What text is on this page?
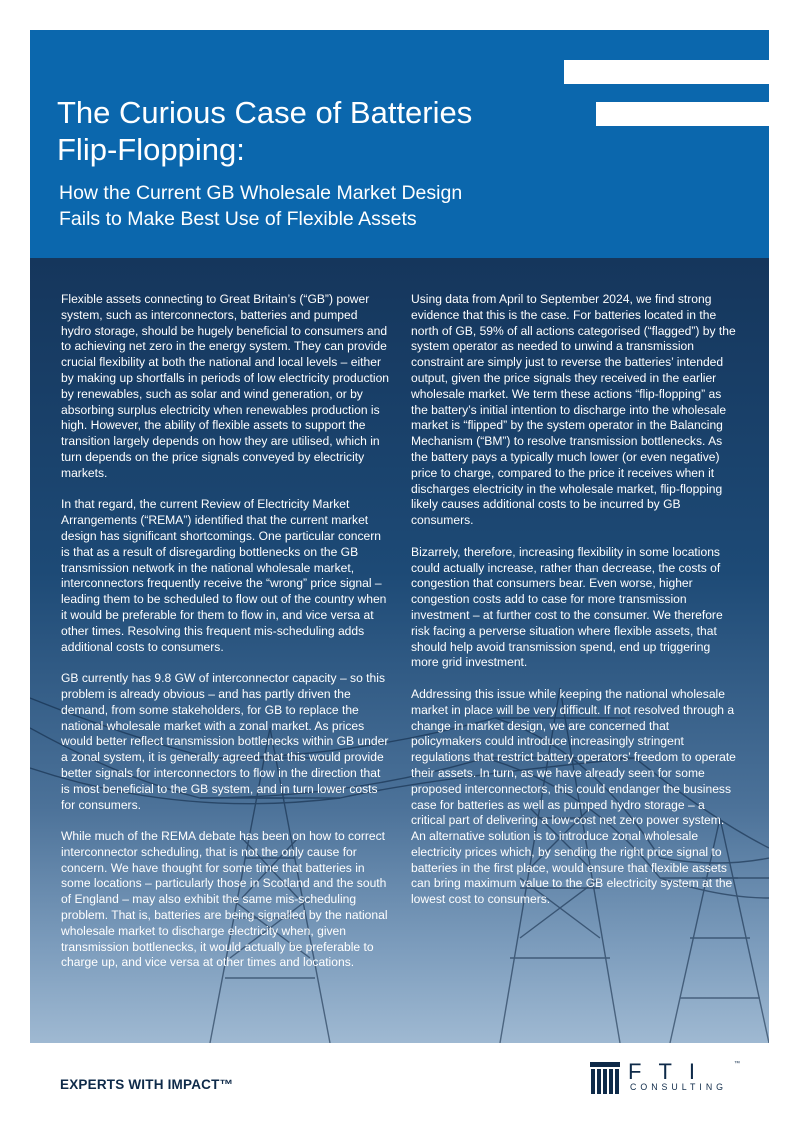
The Curious Case of Batteries
Flip-Flopping:
How the Current GB Wholesale Market Design
Fails to Make Best Use of Flexible Assets

Flexible assets connecting to Great Britain’s (“GB”) power system, such as interconnectors, batteries and pumped hydro storage, should be hugely beneficial to consumers and to achieving net zero in the energy system. They can provide crucial flexibility at both the national and local levels – either by making up shortfalls in periods of low electricity production by renewables, such as solar and wind generation, or by absorbing surplus electricity when renewables production is high. However, the ability of flexible assets to support the transition largely depends on how they are utilised, which in turn depends on the price signals conveyed by electricity markets.

In that regard, the current Review of Electricity Market Arrangements (“REMA”) identified that the current market design has significant shortcomings. One particular concern is that as a result of disregarding bottlenecks on the GB transmission network in the national wholesale market, interconnectors frequently receive the “wrong” price signal – leading them to be scheduled to flow out of the country when it would be preferable for them to flow in, and vice versa at other times. Resolving this frequent mis-scheduling adds additional costs to consumers.

GB currently has 9.8 GW of interconnector capacity – so this problem is already obvious – and has partly driven the demand, from some stakeholders, for GB to replace the national wholesale market with a zonal market. As prices would better reflect transmission bottlenecks within GB under a zonal system, it is generally agreed that this would provide better signals for interconnectors to flow in the direction that is most beneficial to the GB system, and in turn lower costs for consumers.

While much of the REMA debate has been on how to correct interconnector scheduling, that is not the only cause for concern. We have thought for some time that batteries in some locations – particularly those in Scotland and the south of England – may also exhibit the same mis-scheduling problem. That is, batteries are being signalled by the national wholesale market to discharge electricity when, given transmission bottlenecks, it would actually be preferable to charge up, and vice versa at other times and locations.

Using data from April to September 2024, we find strong evidence that this is the case. For batteries located in the north of GB, 59% of all actions categorised (“flagged”) by the system operator as needed to unwind a transmission constraint are simply just to reverse the batteries’ intended output, given the price signals they received in the earlier wholesale market. We term these actions “flip-flopping” as the battery’s initial intention to discharge into the wholesale market is “flipped” by the system operator in the Balancing Mechanism (“BM”) to resolve transmission bottlenecks. As the battery pays a typically much lower (or even negative) price to charge, compared to the price it receives when it discharges electricity in the wholesale market, flip-flopping likely causes additional costs to be incurred by GB consumers.

Bizarrely, therefore, increasing flexibility in some locations could actually increase, rather than decrease, the costs of congestion that consumers bear. Even worse, higher congestion costs add to case for more transmission investment – at further cost to the consumer. We therefore risk facing a perverse situation where flexible assets, that should help avoid transmission spend, end up triggering more grid investment.

Addressing this issue while keeping the national wholesale market in place will be very difficult. If not resolved through a change in market design, we are concerned that policymakers could introduce increasingly stringent regulations that restrict battery operators’ freedom to operate their assets. In turn, as we have already seen for some proposed interconnectors, this could endanger the business case for batteries as well as pumped hydro storage – a critical part of delivering a low-cost net zero power system. An alternative solution is to introduce zonal wholesale electricity prices which, by sending the right price signal to batteries in the first place, would ensure that flexible assets can bring maximum value to the GB electricity system at the lowest cost to consumers.

EXPERTS WITH IMPACT™
FTI	™
CONSULTING
